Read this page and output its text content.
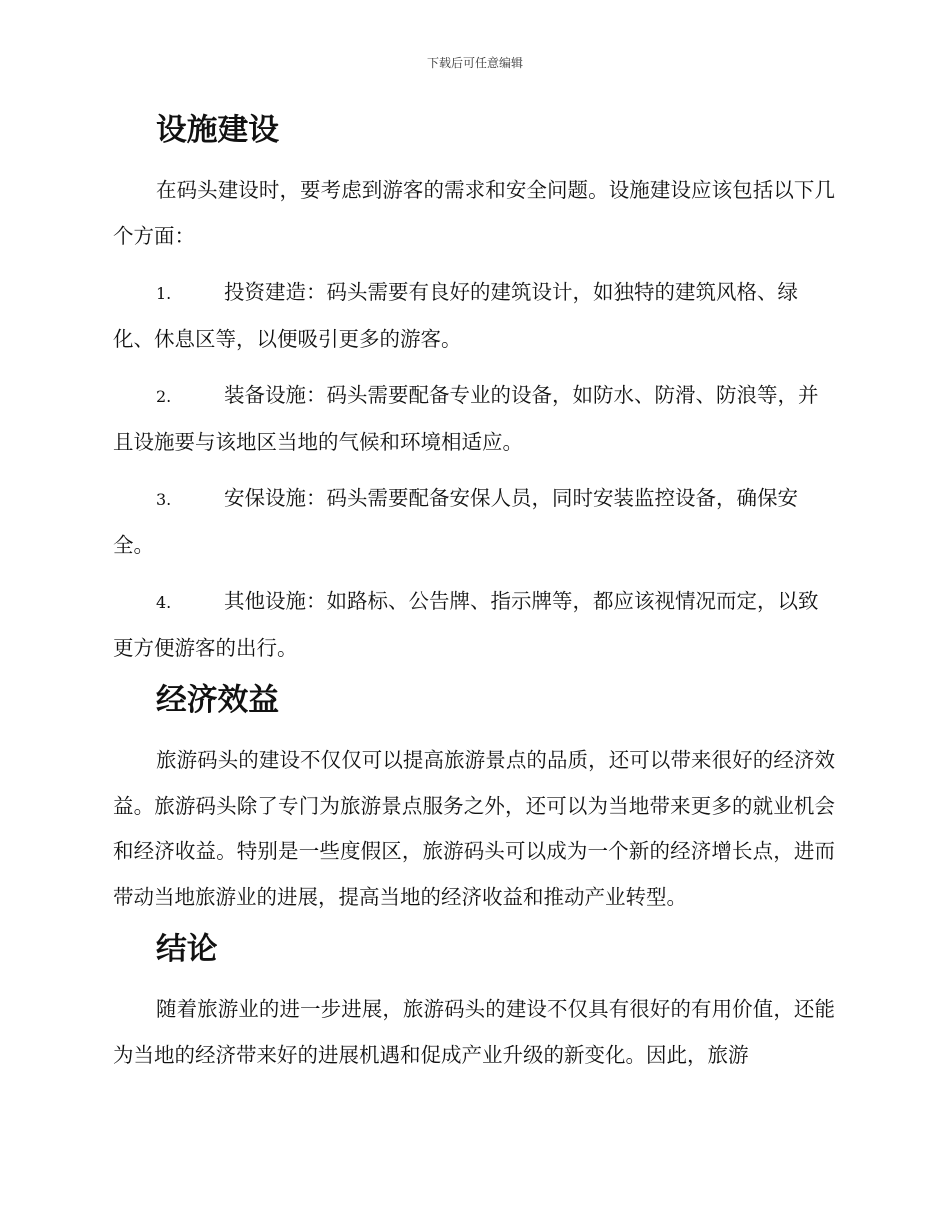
下载后可任意编辑
设施建设

在码头建设时，要考虑到游客的需求和安全问题。设施建设应该包括以下几个方面：

1.	投资建造：码头需要有良好的建筑设计，如独特的建筑风格、绿化、休息区等，以便吸引更多的游客。
2.	装备设施：码头需要配备专业的设备，如防水、防滑、防浪等，并且设施要与该地区当地的气候和环境相适应。
3.	安保设施：码头需要配备安保人员，同时安装监控设备，确保安全。
4.	其他设施：如路标、公告牌、指示牌等，都应该视情况而定，以致更方便游客的出行。
经济效益

旅游码头的建设不仅仅可以提高旅游景点的品质，还可以带来很好的经济效益。旅游码头除了专门为旅游景点服务之外，还可以为当地带来更多的就业机会和经济收益。特别是一些度假区，旅游码头可以成为一个新的经济增长点，进而带动当地旅游业的进展，提高当地的经济收益和推动产业转型。

结论

随着旅游业的进一步进展，旅游码头的建设不仅具有很好的有用价值，还能为当地的经济带来好的进展机遇和促成产业升级的新变化。因此，旅游
